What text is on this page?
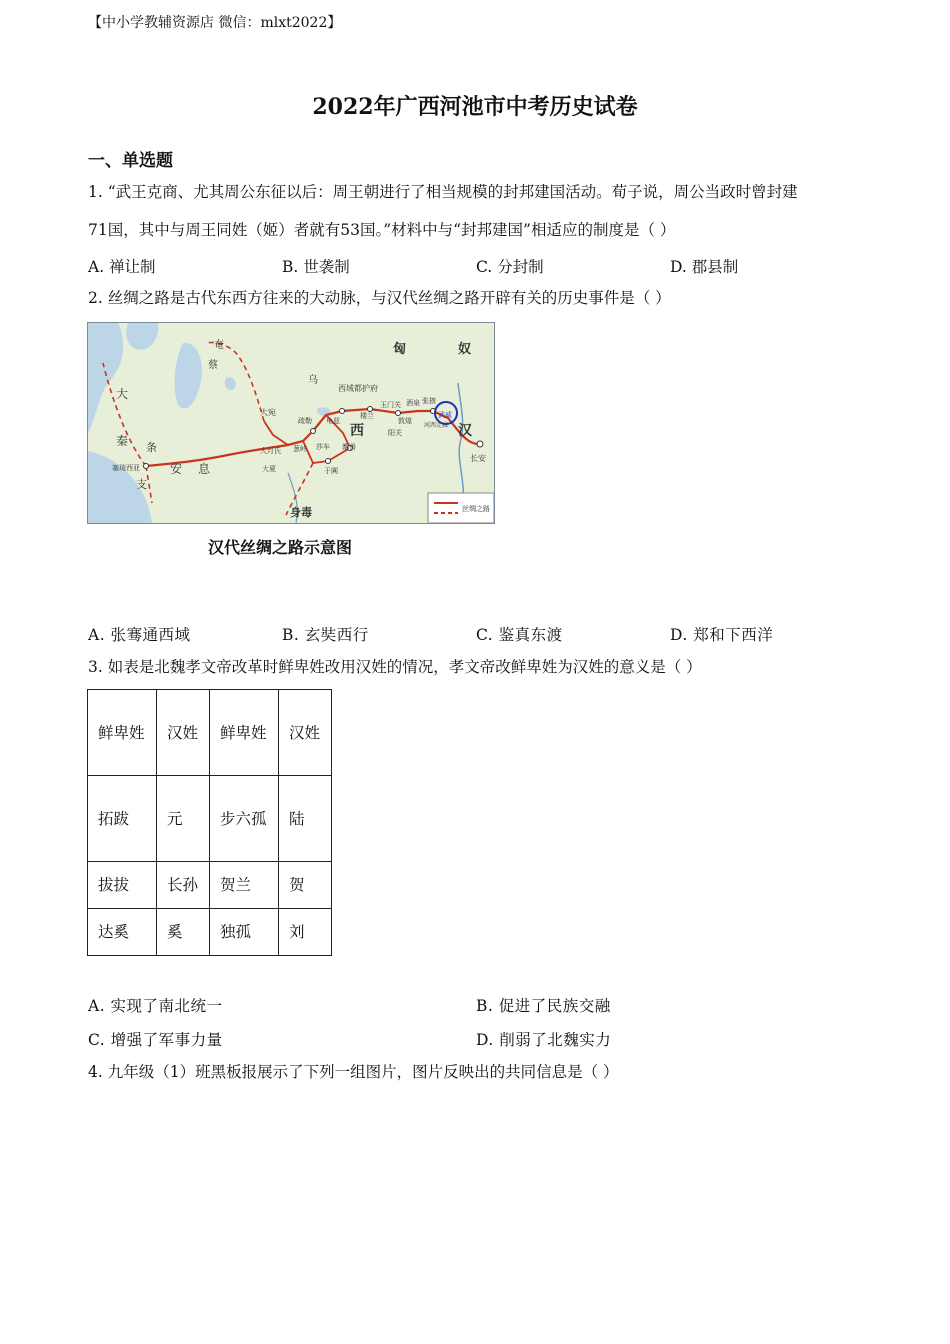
【中小学教辅资源店 微信：mlxt2022】
2022年广西河池市中考历史试卷
一、单选题
1. “武王克商、尤其周公东征以后：周王朝进行了相当规模的封邦建国活动。荀子说，周公当政时曾封建
71国，其中与周王同姓（姬）者就有53国。”材料中与“封邦建国”相适应的制度是（ ）
A. 禅让制	B. 世袭制	C. 分封制	D. 郡县制
2. 丝绸之路是古代东西方往来的大动脉，与汉代丝绸之路开辟有关的历史事件是（ ）
匈	奴
奄
蔡
大
秦 条
支
安 息
塞琉西亚
大宛
乌
西域都护府
龟兹
楼兰
玉门关 酒泉 张掖
武威
河西走廊
西	汉
长安
敦煌
阳关
疏勒
葱岭 莎车
于阗
鄯善
大月氏
大夏
身毒	丝绸之路
汉代丝绸之路示意图
A. 张骞通西域	B. 玄奘西行	C. 鉴真东渡	D. 郑和下西洋
3. 如表是北魏孝文帝改革时鲜卑姓改用汉姓的情况，孝文帝改鲜卑姓为汉姓的意义是（ ）
鲜卑姓	汉姓	鲜卑姓	汉姓
拓跋	元	步六孤	陆
拔拔	长孙	贺兰	贺
达奚	奚	独孤	刘
A. 实现了南北统一	B. 促进了民族交融
C. 增强了军事力量	D. 削弱了北魏实力
4. 九年级（1）班黑板报展示了下列一组图片，图片反映出的共同信息是（ ）
